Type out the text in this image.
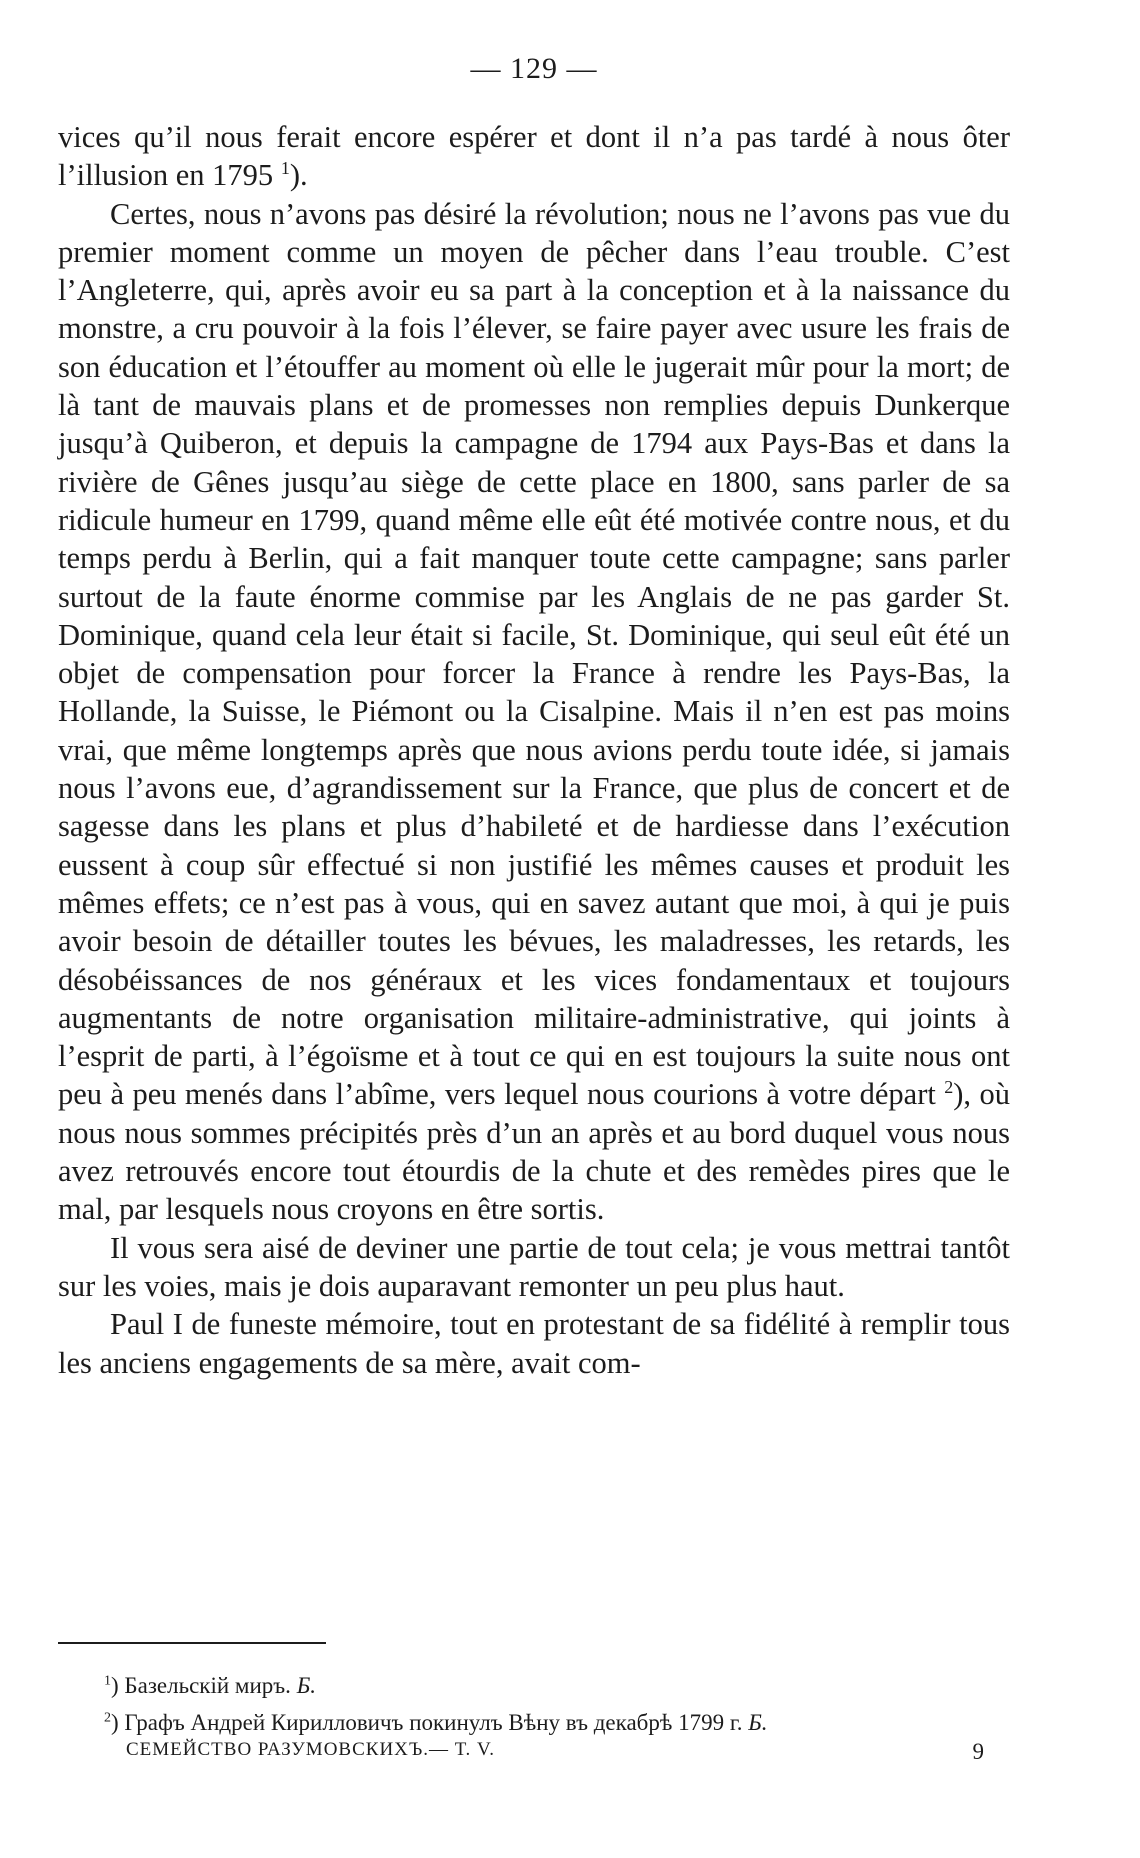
— 129 —

vices qu’il nous ferait encore espérer et dont il n’a pas tardé à nous ôter l’illusion en 1795 $^1$).

Certes, nous n’avons pas désiré la révolution; nous ne l’avons pas vue du premier moment comme un moyen de pêcher dans l’eau trouble. C’est l’Angleterre, qui, après avoir eu sa part à la conception et à la naissance du monstre, a cru pouvoir à la fois l’élever, se faire payer avec usure les frais de son éducation et l’étouffer au moment où elle le jugerait mûr pour la mort; de là tant de mauvais plans et de promesses non remplies depuis Dunkerque jusqu’à Quiberon, et depuis la campagne de 1794 aux Pays-Bas et dans la rivière de Gênes jusqu’au siège de cette place en 1800, sans parler de sa ridicule humeur en 1799, quand même elle eût été motivée contre nous, et du temps perdu à Berlin, qui a fait manquer toute cette campagne; sans parler surtout de la faute énorme commise par les Anglais de ne pas garder St. Dominique, quand cela leur était si facile, St. Dominique, qui seul eût été un objet de compensation pour forcer la France à rendre les Pays-Bas, la Hollande, la Suisse, le Piémont ou la Cisalpine. Mais il n’en est pas moins vrai, que même longtemps après que nous avions perdu toute idée, si jamais nous l’avons eue, d’agrandissement sur la France, que plus de concert et de sagesse dans les plans et plus d’habileté et de hardiesse dans l’exécution eussent à coup sûr effectué si non justifié les mêmes causes et produit les mêmes effets; ce n’est pas à vous, qui en savez autant que moi, à qui je puis avoir besoin de détailler toutes les bévues, les maladresses, les retards, les désobéissances de nos généraux et les vices fondamentaux et toujours augmentants de notre organisation militaire-administrative, qui joints à l’esprit de parti, à l’égoïsme et à tout ce qui en est toujours la suite nous ont peu à peu menés dans l’abîme, vers lequel nous courions à votre départ $^2$), où nous nous sommes précipités près d’un an après et au bord duquel vous nous avez retrouvés encore tout étourdis de la chute et des remèdes pires que le mal, par lesquels nous croyons en être sortis.

Il vous sera aisé de deviner une partie de tout cela; je vous mettrai tantôt sur les voies, mais je dois auparavant remonter un peu plus haut.

Paul I de funeste mémoire, tout en protestant de sa fidélité à remplir tous les anciens engagements de sa mère, avait com-

$^1$) Базельскій миръ. Б.
$^2$) Графъ Андрей Кирилловичъ покинулъ Вѣну въ декабрѣ 1799 г. Б.
СЕМЕЙСТВО РАЗУМОВСКИХЪ.— Т. V.	9
